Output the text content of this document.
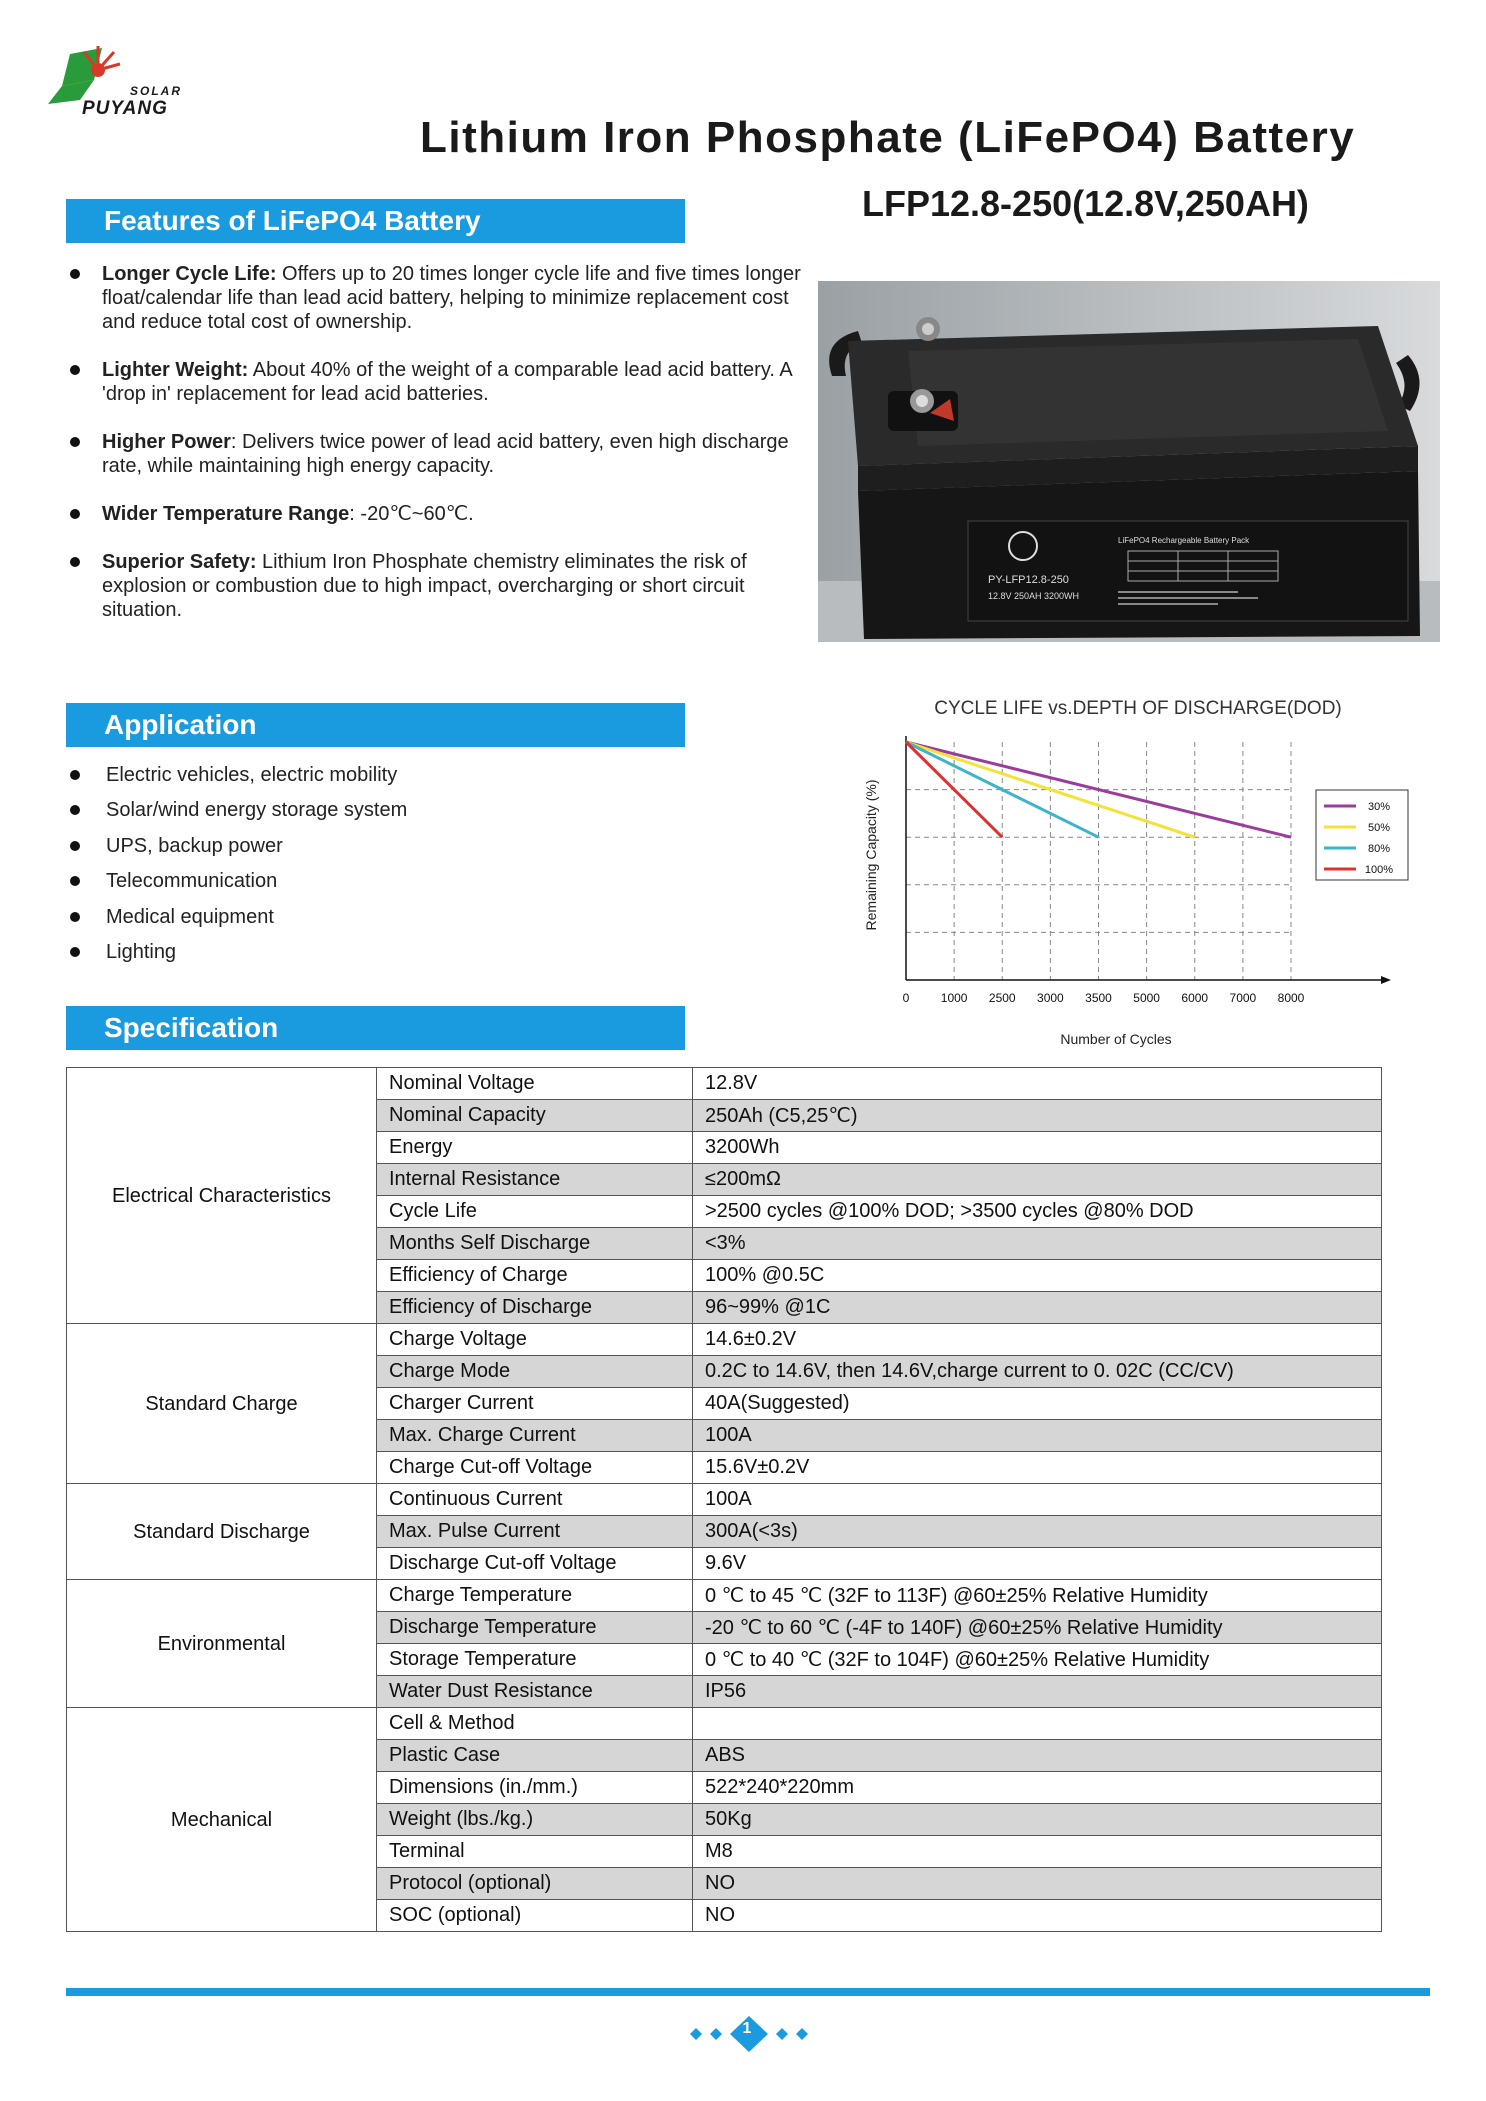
SOLAR
PUYANG
Lithium Iron Phosphate (LiFePO4) Battery
LFP12.8-250(12.8V,250AH)
Features of LiFePO4 Battery
Longer Cycle Life: Offers up to 20 times longer cycle life and five times longer float/calendar life than lead acid battery, helping to minimize replacement cost and reduce total cost of ownership.
Lighter Weight: About 40% of the weight of a comparable lead acid battery. A 'drop in' replacement for lead acid batteries.
Higher Power: Delivers twice power of lead acid battery, even high discharge rate, while maintaining high energy capacity.
Wider Temperature Range: -20℃~60℃.
Superior Safety: Lithium Iron Phosphate chemistry eliminates the risk of explosion or combustion due to high impact, overcharging or short circuit situation.
PY-LFP12.8-250
12.8V 250AH 3200WH
LiFePO4 Rechargeable Battery Pack
Application
Electric vehicles, electric mobility
Solar/wind energy storage system
UPS, backup power
Telecommunication
Medical equipment
Lighting
CYCLE LIFE vs.DEPTH OF DISCHARGE(DOD)
Remaining Capacity (%)
Number of Cycles
0	1000 2500 3000 3500 5000 6000 7000 8000
30%
50%
80%
100%
Specification
Electrical Characteristics	Nominal Voltage	12.8V
	Nominal Capacity	250Ah (C5,25℃)
	Energy	3200Wh
	Internal Resistance	≤200mΩ
	Cycle Life	>2500 cycles @100% DOD; >3500 cycles @80% DOD
	Months Self Discharge	<3%
	Efficiency of Charge	100% @0.5C
	Efficiency of Discharge	96~99% @1C
Standard Charge	Charge Voltage	14.6±0.2V
	Charge Mode	0.2C to 14.6V, then 14.6V,charge current to 0. 02C (CC/CV)
	Charger Current	40A(Suggested)
	Max. Charge Current	100A
	Charge Cut-off Voltage	15.6V±0.2V
Standard Discharge	Continuous Current	100A
	Max. Pulse Current	300A(<3s)
	Discharge Cut-off Voltage	9.6V
Environmental	Charge Temperature	0 ℃ to 45 ℃ (32F to 113F) @60±25% Relative Humidity
	Discharge Temperature	-20 ℃ to 60 ℃ (-4F to 140F) @60±25% Relative Humidity
	Storage Temperature	0 ℃ to 40 ℃ (32F to 104F) @60±25% Relative Humidity
	Water Dust Resistance	IP56
Mechanical	Cell & Method	
	Plastic Case	ABS
	Dimensions (in./mm.)	522*240*220mm
	Weight (lbs./kg.)	50Kg
	Terminal	M8
	Protocol (optional)	NO
	SOC (optional)	NO
1
